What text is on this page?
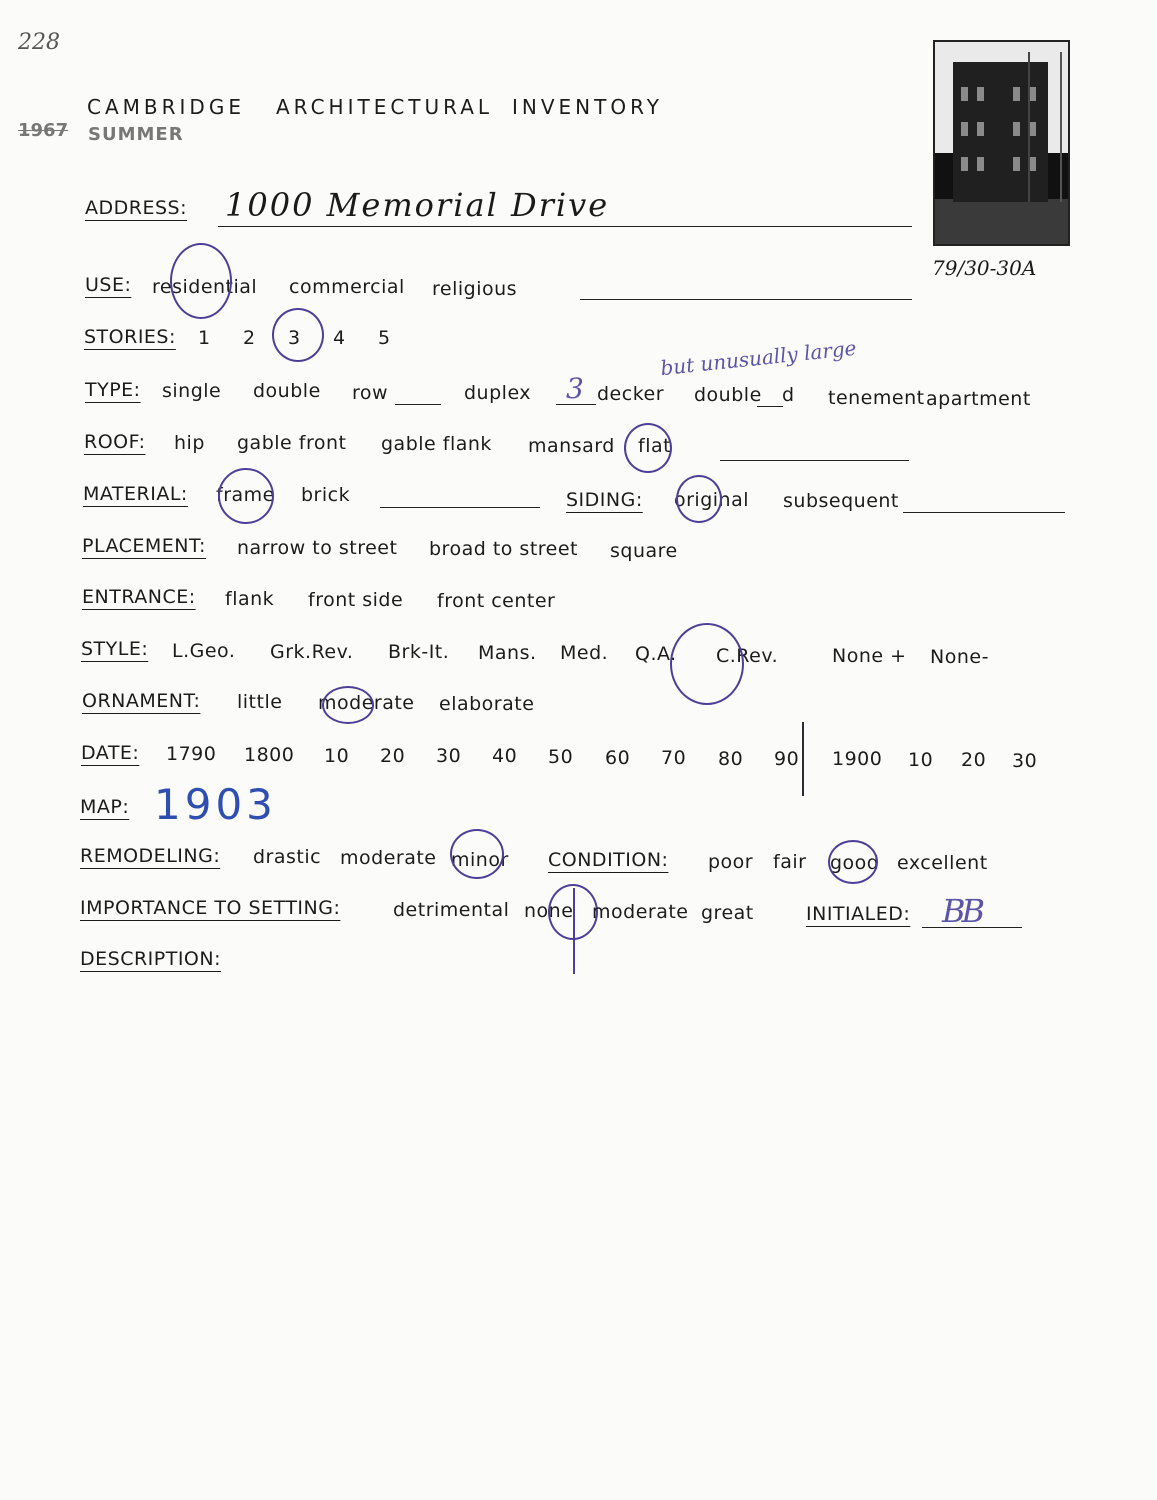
228
CAMBRIDGE ARCHITECTURAL INVENTORY
1967 SUMMER
79/30-30A
ADDRESS: 1000 Memorial Drive
USE: residential commercial religious
STORIES: 1 2 3 4 5	but unusually large
TYPE: single double row	duplex 3 decker double d tenement apartment
ROOF: hip gable front gable flank mansard flat
MATERIAL: frame brick	SIDING: original subsequent
PLACEMENT: narrow to street broad to street square
ENTRANCE: flank front side front center
STYLE: L.Geo. Grk.Rev. Brk-It. Mans. Med. Q.A. C.Rev.	None + None-
ORNAMENT: little moderate elaborate
DATE: 1790 1800 10 20 30 40 50 60 70 80 90 1900 10 20 30
MAP: 1903
REMODELING: drastic moderate minor CONDITION: poor fair good excellent
IMPORTANCE TO SETTING:	detrimental none moderate great	INITIALED: BB
DESCRIPTION:
